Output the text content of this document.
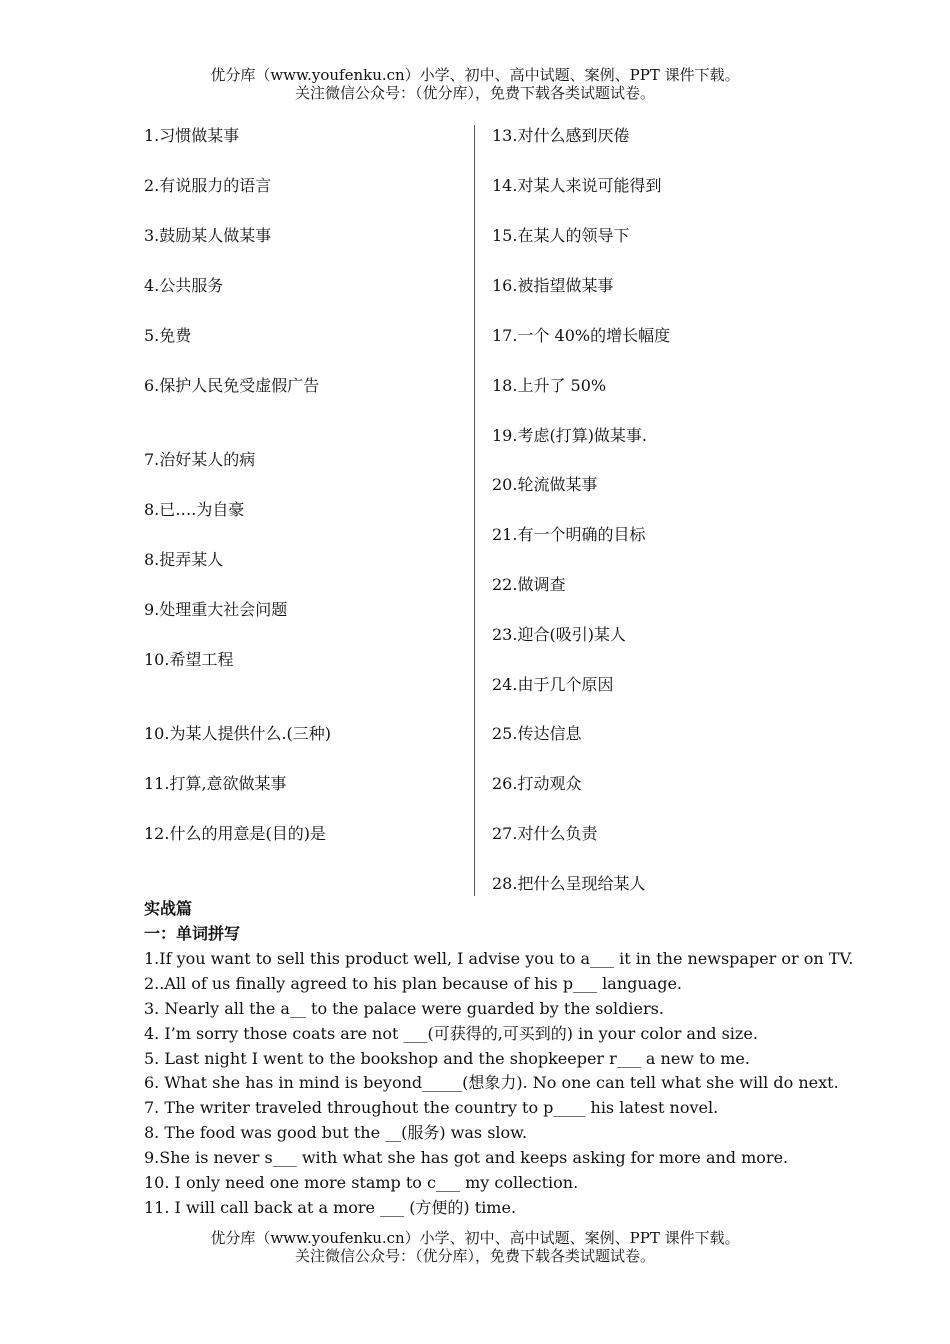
优分库（www.youfenku.cn）小学、初中、高中试题、案例、PPT 课件下载。
关注微信公众号：（优分库），免费下载各类试题试卷。
1.习惯做某事
2.有说服力的语言
3.鼓励某人做某事
4.公共服务
5.免费
6.保护人民免受虚假广告
7.治好某人的病
8.已….为自豪
8.捉弄某人
9.处理重大社会问题
10.希望工程
10.为某人提供什么.(三种)
11.打算,意欲做某事
12.什么的用意是(目的)是
13.对什么感到厌倦
14.对某人来说可能得到
15.在某人的领导下
16.被指望做某事
17.一个 40%的增长幅度
18.上升了 50%
19.考虑(打算)做某事.
20.轮流做某事
21.有一个明确的目标
22.做调查
23.迎合(吸引)某人
24.由于几个原因
25.传达信息
26.打动观众
27.对什么负责
28.把什么呈现给某人
实战篇
一：单词拼写
1.If you want to sell this product well, I advise you to a___ it in the newspaper or on TV.
2..All of us finally agreed to his plan because of his p___ language.
3. Nearly all the a__ to the palace were guarded by the soldiers.
4. I’m sorry those coats are not ___(可获得的,可买到的) in your color and size.
5. Last night I went to the bookshop and the shopkeeper r___ a new to me.
6. What she has in mind is beyond_____(想象力). No one can tell what she will do next.
7. The writer traveled throughout the country to p____ his latest novel.
8. The food was good but the __(服务) was slow.
9.She is never s___ with what she has got and keeps asking for more and more.
10. I only need one more stamp to c___ my collection.
11. I will call back at a more ___ (方便的) time.
优分库（www.youfenku.cn）小学、初中、高中试题、案例、PPT 课件下载。
关注微信公众号：（优分库），免费下载各类试题试卷。
